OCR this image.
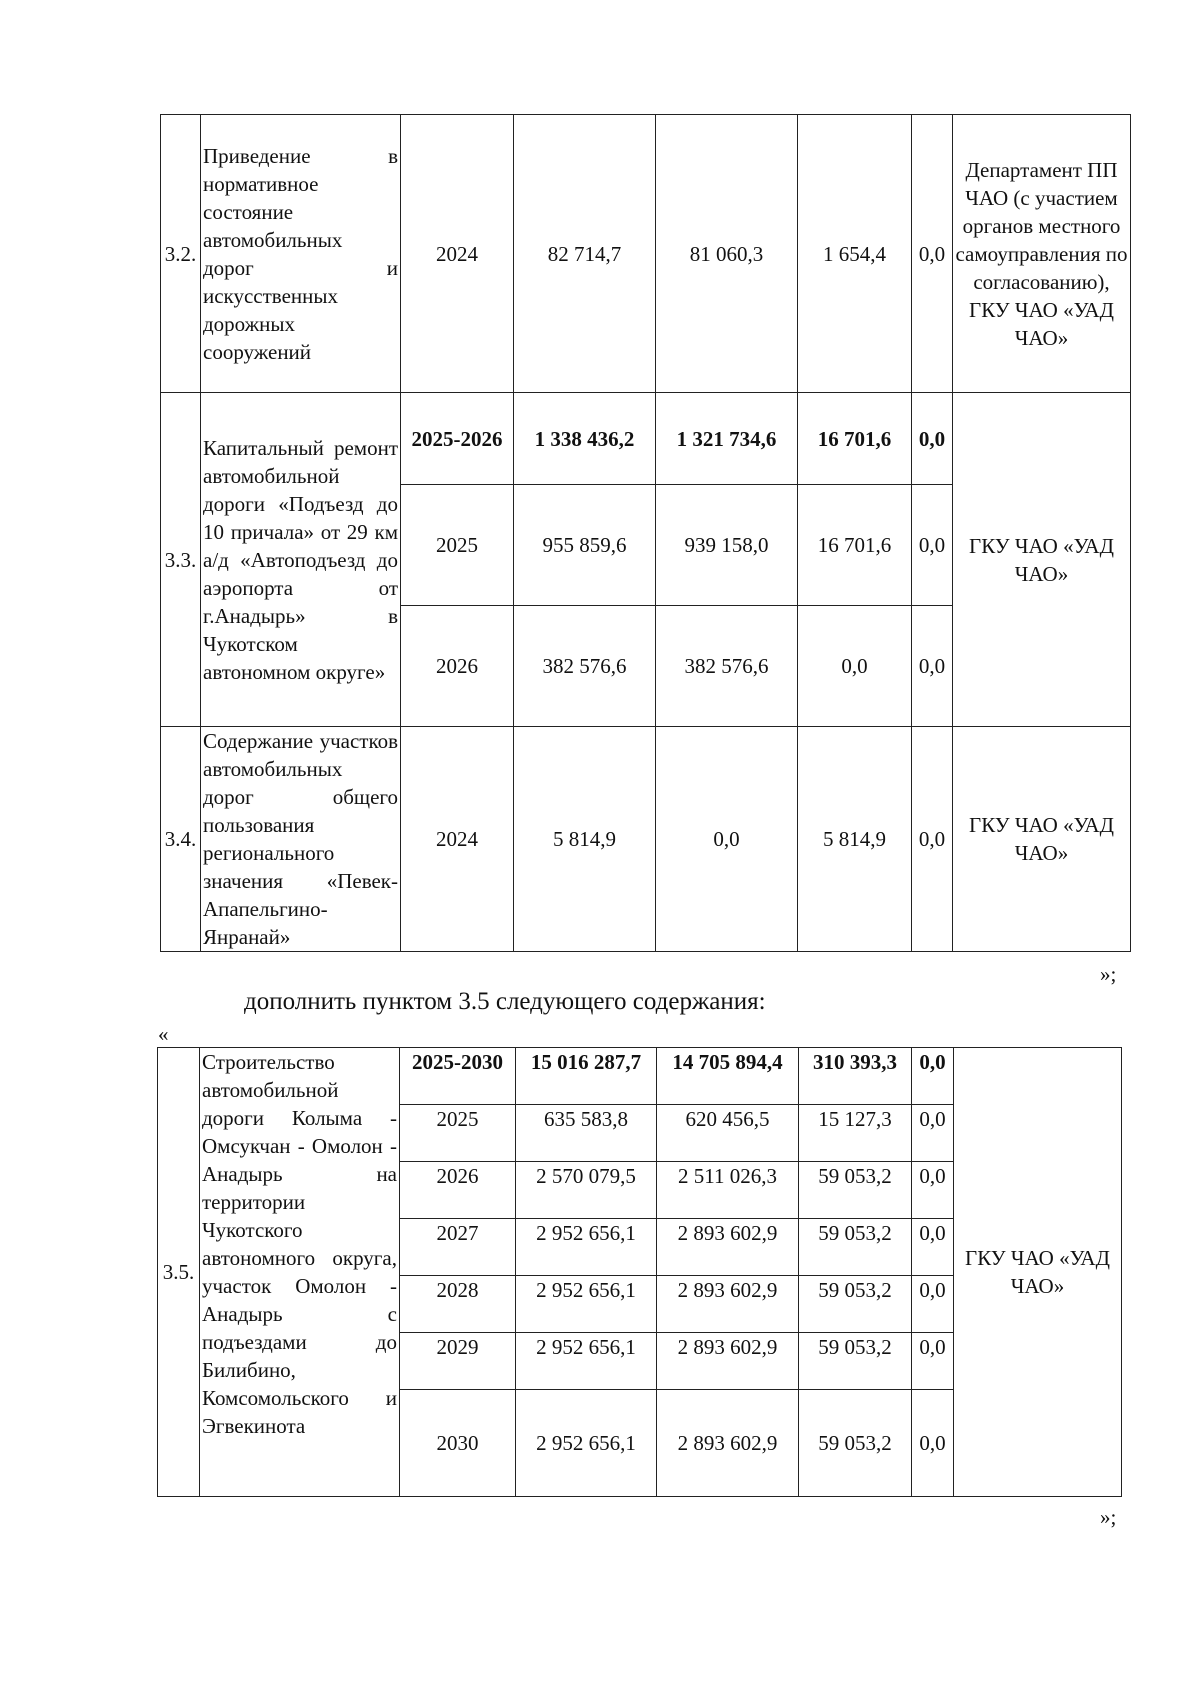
3.2.	Приведение в нормативное состояние автомобильных дорог и искусственных дорожных сооружений	2024	82 714,7	81 060,3	1 654,4	0,0	Департамент ПП ЧАО (с участием органов местного самоуправления по согласованию), ГКУ ЧАО «УАД ЧАО»
3.3.	Капитальный ремонт автомобильной дороги «Подъезд до 10 причала» от 29 км а/д «Автоподъезд до аэропорта от г.Анадырь» в Чукотском автономном округе»	2025-2026	1 338 436,2	1 321 734,6	16 701,6	0,0	ГКУ ЧАО «УАД ЧАО»
		2025	955 859,6	939 158,0	16 701,6	0,0	
		2026	382 576,6	382 576,6	0,0	0,0	
3.4.	Содержание участков автомобильных дорог общего пользования регионального значения «Певек-Апапельгино-Янранай»	2024	5 814,9	0,0	5 814,9	0,0	ГКУ ЧАО «УАД ЧАО»
»;
дополнить пунктом 3.5 следующего содержания:
«
3.5.	Строительство автомобильной дороги Колыма - Омсукчан - Омолон - Анадырь на территории Чукотского автономного округа, участок Омолон - Анадырь с подъездами до Билибино, Комсомольского и Эгвекинота	2025-2030	15 016 287,7	14 705 894,4	310 393,3	0,0	ГКУ ЧАО «УАД ЧАО»
		2025	635 583,8	620 456,5	15 127,3	0,0	
		2026	2 570 079,5	2 511 026,3	59 053,2	0,0	
		2027	2 952 656,1	2 893 602,9	59 053,2	0,0	
		2028	2 952 656,1	2 893 602,9	59 053,2	0,0	
		2029	2 952 656,1	2 893 602,9	59 053,2	0,0	
		2030	2 952 656,1	2 893 602,9	59 053,2	0,0	
»;
